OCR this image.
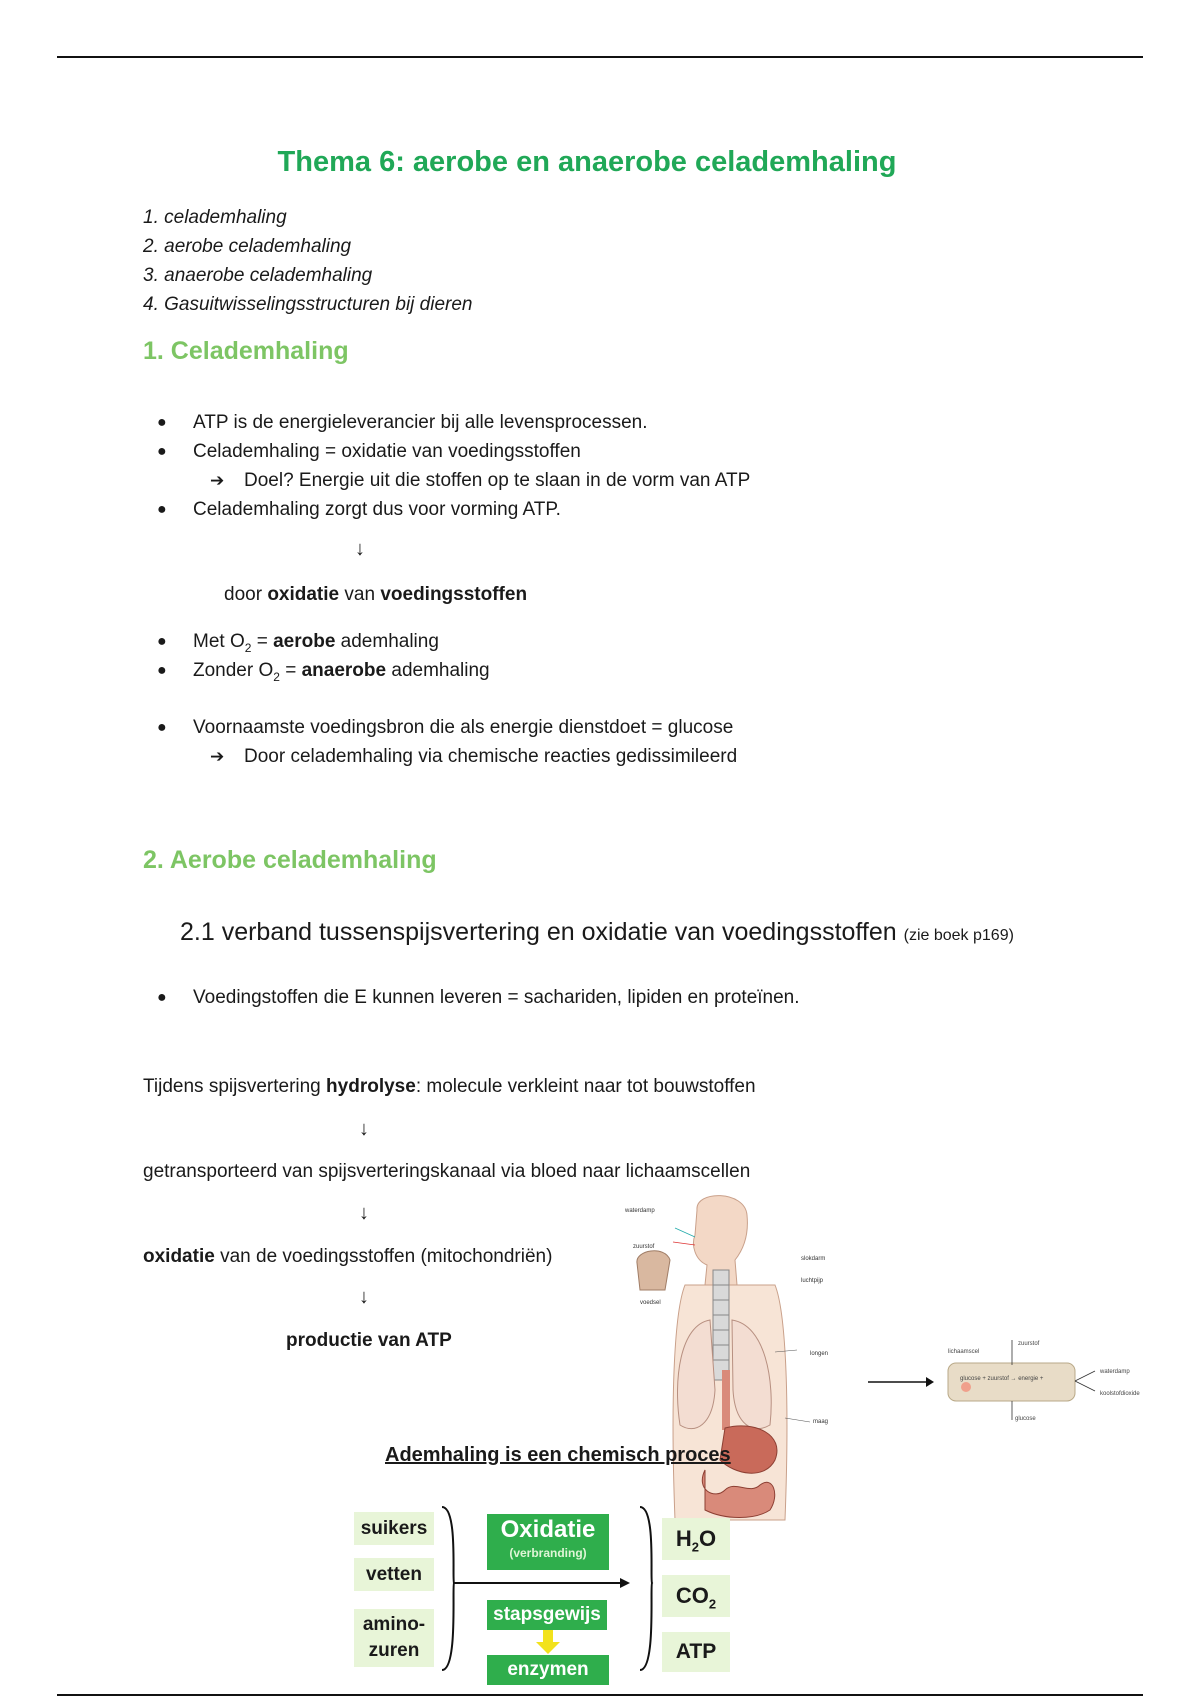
Thema 6: aerobe en anaerobe celademhaling
1. celademhaling
2. aerobe celademhaling
3. anaerobe celademhaling
4. Gasuitwisselingsstructuren bij dieren
1. Celademhaling
● ATP is de energieleverancier bij alle levensprocessen.
● Celademhaling = oxidatie van voedingsstoffen
➔ Doel? Energie uit die stoffen op te slaan in de vorm van ATP
● Celademhaling zorgt dus voor vorming ATP.
↓
door oxidatie van voedingsstoffen
● Met $O_2$ = aerobe ademhaling
● Zonder $O_2$ = anaerobe ademhaling
● Voornaamste voedingsbron die als energie dienstdoet = glucose
➔ Door celademhaling via chemische reacties gedissimileerd
2. Aerobe celademhaling
2.1 verband tussenspijsvertering en oxidatie van voedingsstoffen (zie boek p169)
● Voedingstoffen die E kunnen leveren = sacharidеn, lipiden en proteïnen.
Tijdens spijsvertering hydrolyse: molecule verkleint naar tot bouwstoffen
↓
getransporteerd van spijsverteringskanaal via bloed naar lichaamscellen
↓
oxidatie van de voedingsstoffen (mitochondriën)
↓
productie van ATP
waterdamp
zuurstof
voedsel
slokdarm
luchtpijp
longen
maag
lichaamscel
zuurstof
glucose + zuurstof → energie +
glucose
waterdamp
koolstofdioxide
Ademhaling is een chemisch proces
suikers
vetten
amino-
zuren
Oxidatie
(verbranding)
stapsgewijs
enzymen
$H_2O$
$CO_2$
ATP
